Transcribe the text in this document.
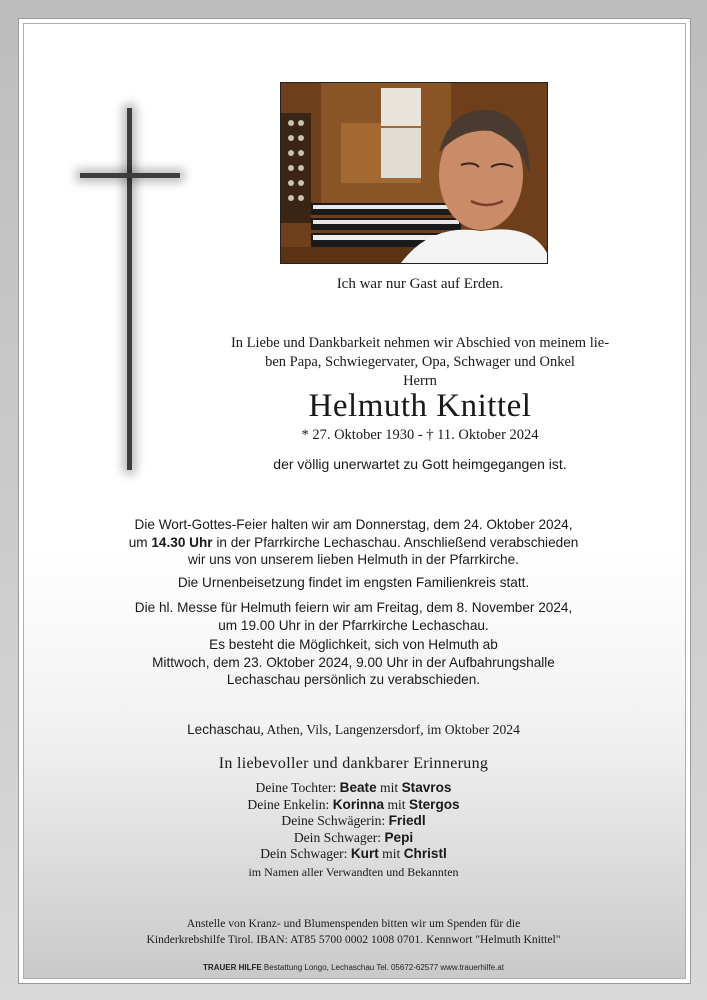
Ich war nur Gast auf Erden.
In Liebe und Dankbarkeit nehmen wir Abschied von meinem lie-
ben Papa, Schwiegervater, Opa, Schwager und Onkel
Herrn
Helmuth Knittel
* 27. Oktober 1930 - † 11. Oktober 2024
der völlig unerwartet zu Gott heimgegangen ist.
Die Wort-Gottes-Feier halten wir am Donnerstag, dem 24. Oktober 2024,
um 14.30 Uhr in der Pfarrkirche Lechaschau. Anschließend verabschieden
wir uns von unserem lieben Helmuth in der Pfarrkirche.
Die Urnenbeisetzung findet im engsten Familienkreis statt.
Die hl. Messe für Helmuth feiern wir am Freitag, dem 8. November 2024,
um 19.00 Uhr in der Pfarrkirche Lechaschau.
Es besteht die Möglichkeit, sich von Helmuth ab
Mittwoch, dem 23. Oktober 2024, 9.00 Uhr in der Aufbahrungshalle
Lechaschau persönlich zu verabschieden.
Lechaschau, Athen, Vils, Langenzersdorf, im Oktober 2024
In liebevoller und dankbarer Erinnerung
Deine Tochter: Beate mit Stavros
Deine Enkelin: Korinna mit Stergos
Deine Schwägerin: Friedl
Dein Schwager: Pepi
Dein Schwager: Kurt mit Christl
im Namen aller Verwandten und Bekannten
Anstelle von Kranz- und Blumenspenden bitten wir um Spenden für die
Kinderkrebshilfe Tirol. IBAN: AT85 5700 0002 1008 0701. Kennwort "Helmuth Knittel"
TRAUER HILFE Bestattung Longo, Lechaschau Tel. 05672-62577 www.trauerhilfe.at
